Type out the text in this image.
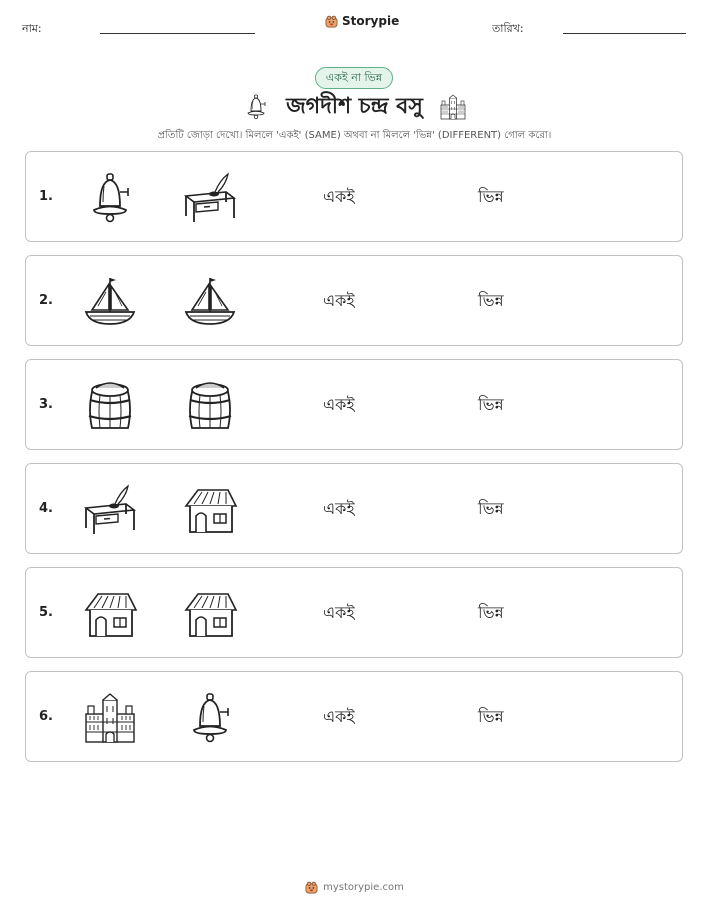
নাম:
Storypie
তারিখ:
একই না ভিন্ন
জগদীশ চন্দ্র বসু
প্রতিটি জোড়া দেখো। মিললে 'একই' (SAME) অথবা না মিললে 'ভিন্ন' (DIFFERENT) গোল করো।
1.	একই	ভিন্ন
2.	একই	ভিন্ন
3.	একই	ভিন্ন
4.	একই	ভিন্ন
5.	একই	ভিন্ন
6.	একই	ভিন্ন
mystorypie.com
